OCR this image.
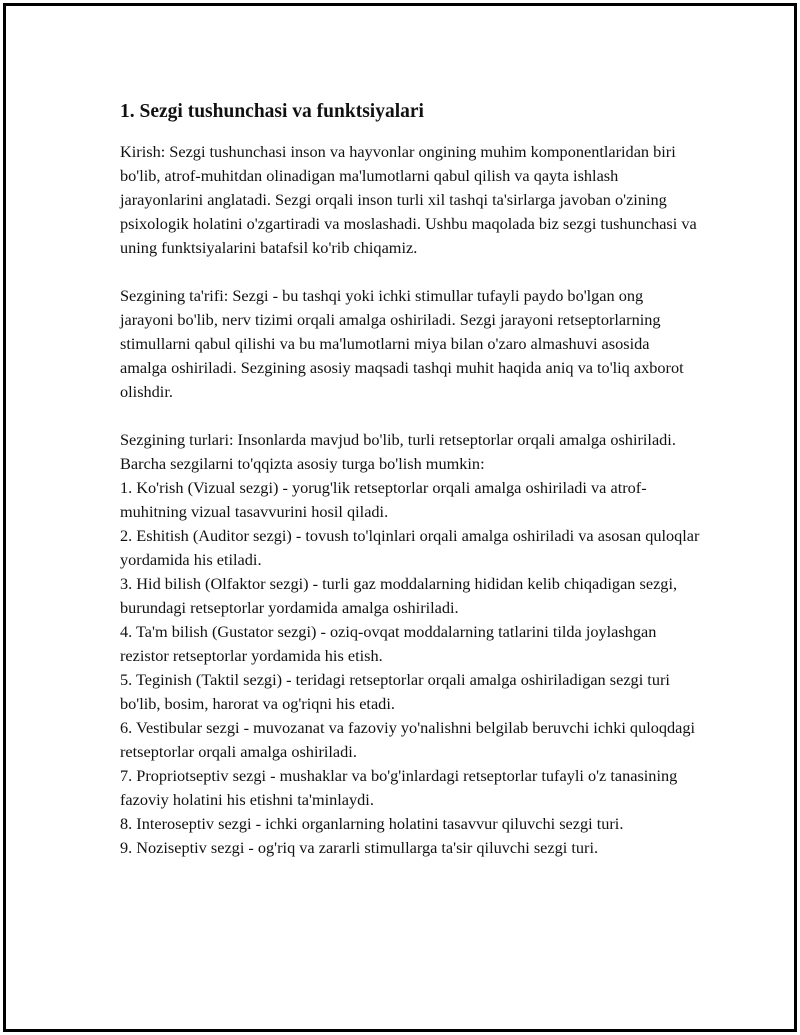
1. Sezgi tushunchasi va funktsiyalari

Kirish: Sezgi tushunchasi inson va hayvonlar ongining muhim komponentlaridan biri bo'lib, atrof-muhitdan olinadigan ma'lumotlarni qabul qilish va qayta ishlash jarayonlarini anglatadi. Sezgi orqali inson turli xil tashqi ta'sirlarga javoban o'zining psixologik holatini o'zgartiradi va moslashadi. Ushbu maqolada biz sezgi tushunchasi va uning funktsiyalarini batafsil ko'rib chiqamiz.

Sezgining ta'rifi: Sezgi - bu tashqi yoki ichki stimullar tufayli paydo bo'lgan ong jarayoni bo'lib, nerv tizimi orqali amalga oshiriladi. Sezgi jarayoni retseptorlarning stimullarni qabul qilishi va bu ma'lumotlarni miya bilan o'zaro almashuvi asosida amalga oshiriladi. Sezgining asosiy maqsadi tashqi muhit haqida aniq va to'liq axborot olishdir.

Sezgining turlari: Insonlarda mavjud bo'lib, turli retseptorlar orqali amalga oshiriladi. Barcha sezgilarni to'qqizta asosiy turga bo'lish mumkin:
1. Ko'rish (Vizual sezgi) - yorug'lik retseptorlar orqali amalga oshiriladi va atrof-muhitning vizual tasavvurini hosil qiladi.
2. Eshitish (Auditor sezgi) - tovush to'lqinlari orqali amalga oshiriladi va asosan quloqlar yordamida his etiladi.
3. Hid bilish (Olfaktor sezgi) - turli gaz moddalarning hididan kelib chiqadigan sezgi, burundagi retseptorlar yordamida amalga oshiriladi.
4. Ta'm bilish (Gustator sezgi) - oziq-ovqat moddalarning tatlarini tilda joylashgan rezistor retseptorlar yordamida his etish.
5. Teginish (Taktil sezgi) - teridagi retseptorlar orqali amalga oshiriladigan sezgi turi bo'lib, bosim, harorat va og'riqni his etadi.
6. Vestibular sezgi - muvozanat va fazoviy yo'nalishni belgilab beruvchi ichki quloqdagi retseptorlar orqali amalga oshiriladi.
7. Propriotseptiv sezgi - mushaklar va bo'g'inlardagi retseptorlar tufayli o'z tanasining fazoviy holatini his etishni ta'minlaydi.
8. Interoseptiv sezgi - ichki organlarning holatini tasavvur qiluvchi sezgi turi.
9. Noziseptiv sezgi - og'riq va zararli stimullarga ta'sir qiluvchi sezgi turi.
